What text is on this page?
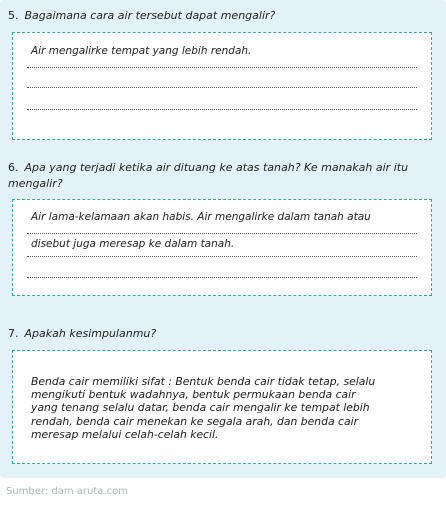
5. Bagaimana cara air tersebut dapat mengalir?
Air mengalirke tempat yang lebih rendah.
6. Apa yang terjadi ketika air dituang ke atas tanah? Ke manakah air itu
mengalir?
Air lama-kelamaan akan habis. Air mengalirke dalam tanah atau
disebut juga meresap ke dalam tanah.
7. Apakah kesimpulanmu?
Benda cair memiliki sifat : Bentuk benda cair tidak tetap, selalu
mengikuti bentuk wadahnya, bentuk permukaan benda cair
yang tenang selalu datar, benda cair mengalir ke tempat lebih
rendah, benda cair menekan ke segala arah, dan benda cair
meresap melalui celah-celah kecil.
Sumber: dam aruta.com
